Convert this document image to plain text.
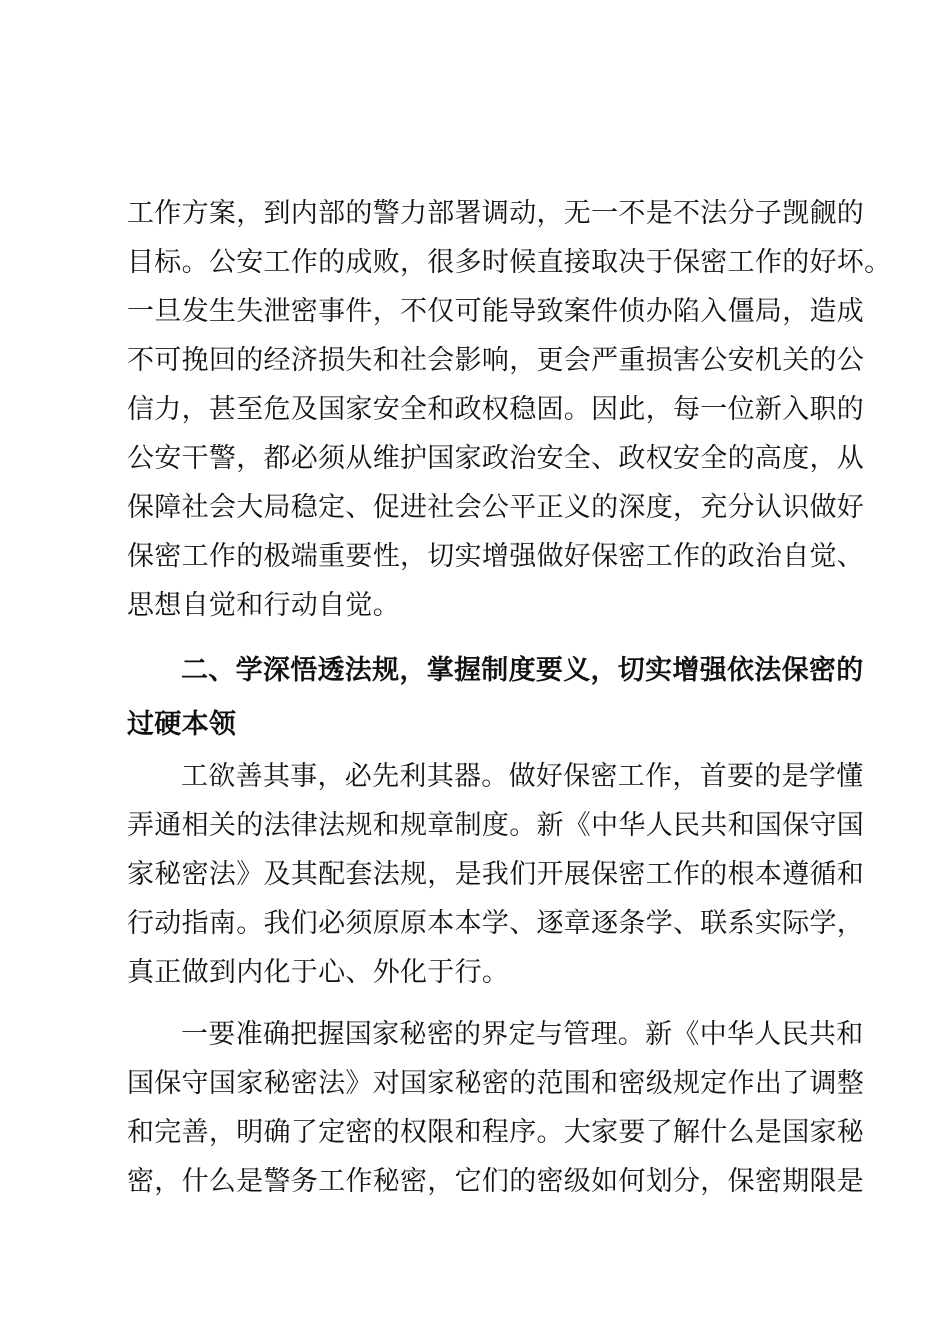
工作方案，到内部的警力部署调动，无一不是不法分子觊觎的
目标。公安工作的成败，很多时候直接取决于保密工作的好坏。
一旦发生失泄密事件，不仅可能导致案件侦办陷入僵局，造成
不可挽回的经济损失和社会影响，更会严重损害公安机关的公
信力，甚至危及国家安全和政权稳固。因此，每一位新入职的
公安干警，都必须从维护国家政治安全、政权安全的高度，从
保障社会大局稳定、促进社会公平正义的深度，充分认识做好
保密工作的极端重要性，切实增强做好保密工作的政治自觉、
思想自觉和行动自觉。
二、学深悟透法规，掌握制度要义，切实增强依法保密的
过硬本领
工欲善其事，必先利其器。做好保密工作，首要的是学懂
弄通相关的法律法规和规章制度。新《中华人民共和国保守国
家秘密法》及其配套法规，是我们开展保密工作的根本遵循和
行动指南。我们必须原原本本学、逐章逐条学、联系实际学，
真正做到内化于心、外化于行。
一要准确把握国家秘密的界定与管理。新《中华人民共和
国保守国家秘密法》对国家秘密的范围和密级规定作出了调整
和完善，明确了定密的权限和程序。大家要了解什么是国家秘
密，什么是警务工作秘密，它们的密级如何划分，保密期限是
